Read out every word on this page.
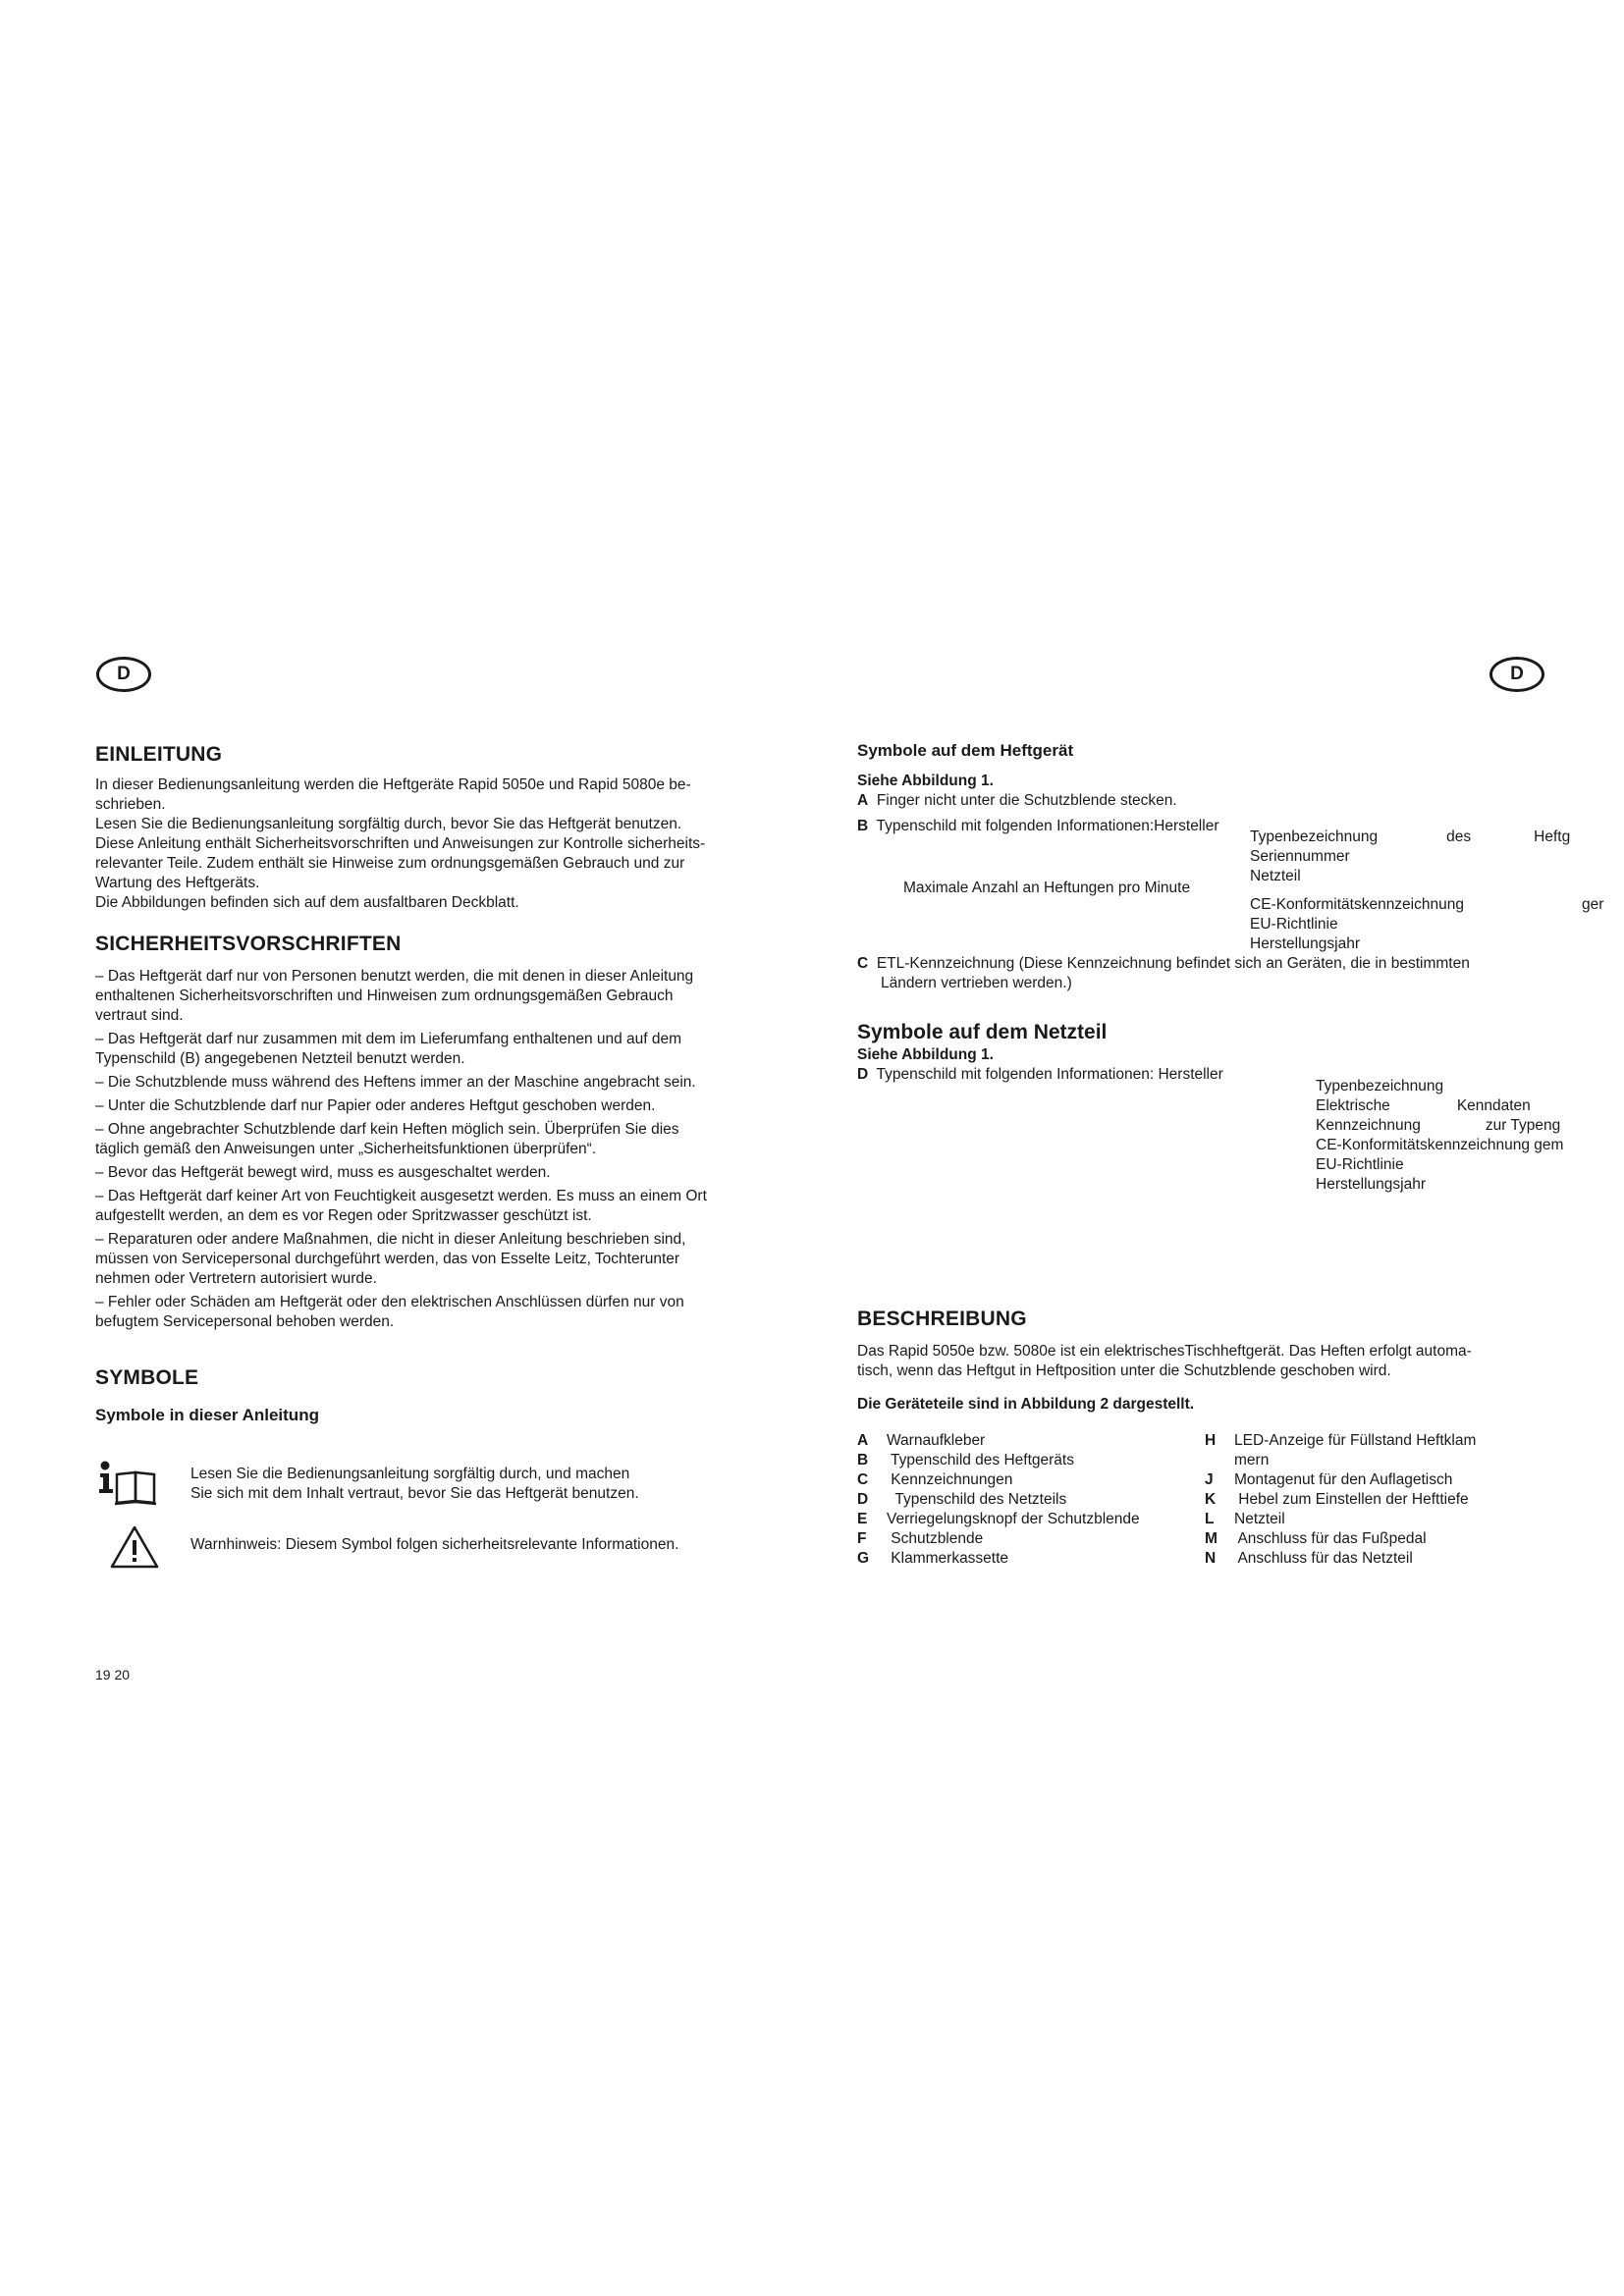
D	D
EINLEITUNG

In dieser Bedienungsanleitung werden die Heftgeräte Rapid 5050e und Rapid 5080e be-

schrieben.

Lesen Sie die Bedienungsanleitung sorgfältig durch, bevor Sie das Heftgerät benutzen.

Diese Anleitung enthält Sicherheitsvorschriften und Anweisungen zur Kontrolle sicherheits-

relevanter Teile. Zudem enthält sie Hinweise zum ordnungsgemäßen Gebrauch und zur

Wartung des Heftgeräts.

Die Abbildungen befinden sich auf dem ausfaltbaren Deckblatt.

SICHERHEITSVORSCHRIFTEN

– Das Heftgerät darf nur von Personen benutzt werden, die mit denen in dieser Anleitung
enthaltenen Sicherheitsvorschriften und Hinweisen zum ordnungsgemäßen Gebrauch
vertraut sind.

– Das Heftgerät darf nur zusammen mit dem im Lieferumfang enthaltenen und auf dem
Typenschild (B) angegebenen Netzteil benutzt werden.

– Die Schutzblende muss während des Heftens immer an der Maschine angebracht sein.

– Unter die Schutzblende darf nur Papier oder anderes Heftgut geschoben werden.

– Ohne angebrachter Schutzblende darf kein Heften möglich sein. Überprüfen Sie dies
täglich gemäß den Anweisungen unter „Sicherheitsfunktionen überprüfen“.

– Bevor das Heftgerät bewegt wird, muss es ausgeschaltet werden.

– Das Heftgerät darf keiner Art von Feuchtigkeit ausgesetzt werden. Es muss an einem Ort
aufgestellt werden, an dem es vor Regen oder Spritzwasser geschützt ist.

– Reparaturen oder andere Maßnahmen, die nicht in dieser Anleitung beschrieben sind,
müssen von Servicepersonal durchgeführt werden, das von Esselte Leitz, Tochterunter
nehmen oder Vertretern autorisiert wurde.

– Fehler oder Schäden am Heftgerät oder den elektrischen Anschlüssen dürfen nur von
befugtem Servicepersonal behoben werden.

SYMBOLE
Symbole in dieser Anleitung

Lesen Sie die Bedienungsanleitung sorgfältig durch, und machen

Sie sich mit dem Inhalt vertraut, bevor Sie das Heftgerät benutzen.

Warnhinweis: Diesem Symbol folgen sicherheitsrelevante Informationen.

19 20
Symbole auf dem Heftgerät

Siehe Abbildung 1.

A Finger nicht unter die Schutzblende stecken.

B Typenschild mit folgenden Informationen:Hersteller

Typenbezeichnung	des	Heftg

Seriennummer

Netzteil

Maximale Anzahl an Heftungen pro Minute

CE-Konformitätskennzeichnung	ger

EU-Richtlinie

Herstellungsjahr

C ETL-Kennzeichnung (Diese Kennzeichnung befindet sich an Geräten, die in bestimmten

Ländern vertrieben werden.)

Symbole auf dem Netzteil

Siehe Abbildung 1.

D Typenschild mit folgenden Informationen: Hersteller

Typenbezeichnung

Elektrische	Kenndaten

Kennzeichnung	zur Typeng

CE-Konformitätskennzeichnung gem

EU-Richtlinie

Herstellungsjahr

BESCHREIBUNG

Das Rapid 5050e bzw. 5080e ist ein elektrischesTischheftgerät. Das Heften erfolgt automa-

tisch, wenn das Heftgut in Heftposition unter die Schutzblende geschoben wird.

Die Geräteteile sind in Abbildung 2 dargestellt.

A	Warnaufkleber
B	Typenschild des Heftgeräts
C	Kennzeichnungen
D	Typenschild des Netzteils
E	Verriegelungsknopf der Schutzblende
F	Schutzblende
G	Klammerkassette
H	LED-Anzeige für Füllstand Heftklam
mern
J	Montagenut für den Auflagetisch
K	Hebel zum Einstellen der Hefttiefe
L	Netzteil
M	Anschluss für das Fußpedal
N	Anschluss für das Netzteil
